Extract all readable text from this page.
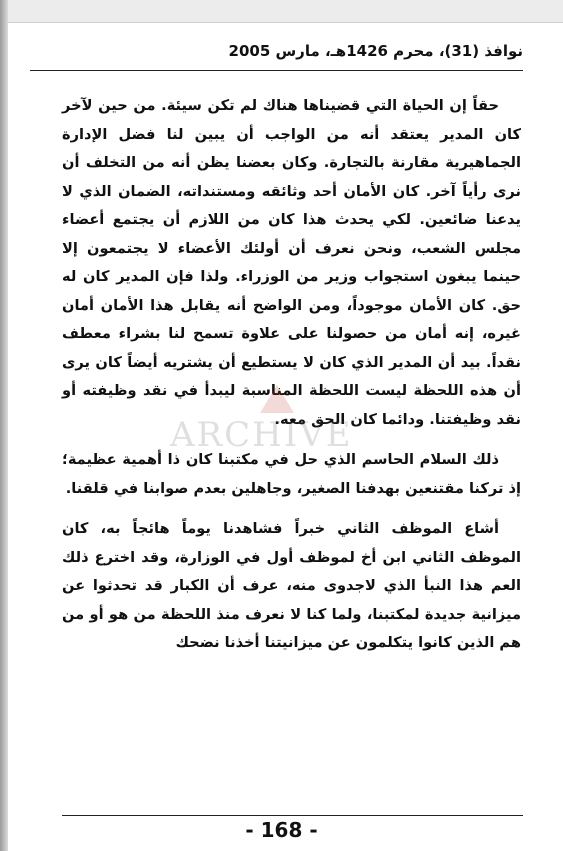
نوافذ (31)، محرم 1426هـ، مارس 2005

حقاً إن الحياة التي قضيناها هناك لم تكن سيئة. من حين لآخر كان المدير يعتقد أنه من الواجب أن يبين لنا فضل الإدارة الجماهيرية مقارنة بالتجارة. وكان بعضنا يظن أنه من التخلف أن نرى رأياً آخر. كان الأمان أحد وثائقه ومستنداته، الضمان الذي لا يدعنا ضائعين. لكي يحدث هذا كان من اللازم أن يجتمع أعضاء مجلس الشعب، ونحن نعرف أن أولئك الأعضاء لا يجتمعون إلا حينما يبغون استجواب وزير من الوزراء. ولذا فإن المدير كان له حق. كان الأمان موجوداً، ومن الواضح أنه يقابل هذا الأمان أمان غيره، إنه أمان من حصولنا على علاوة تسمح لنا بشراء معطف نقداً. بيد أن المدير الذي كان لا يستطيع أن يشتريه أيضاً كان يرى أن هذه اللحظة ليست اللحظة المناسبة ليبدأ في نقد وظيفته أو نقد وظيفتنا. ودائما كان الحق معه.

ذلك السلام الحاسم الذي حل في مكتبنا كان ذا أهمية عظيمة؛ إذ تركنا مقتنعين بهدفنا الصغير، وجاهلين بعدم صوابنا في قلقنا.

أشاع الموظف الثاني خبراً فشاهدنا يوماً هائجاً به، كان الموظف الثاني ابن أخ لموظف أول في الوزارة، وقد اخترع ذلك العم هذا النبأ الذي لاجدوى منه، عرف أن الكبار قد تحدثوا عن ميزانية جديدة لمكتبنا، ولما كنا لا نعرف منذ اللحظة من هو أو من هم الذين كانوا يتكلمون عن ميزانيتنا أخذنا نضحك

ARCHIVE
- 168 -
